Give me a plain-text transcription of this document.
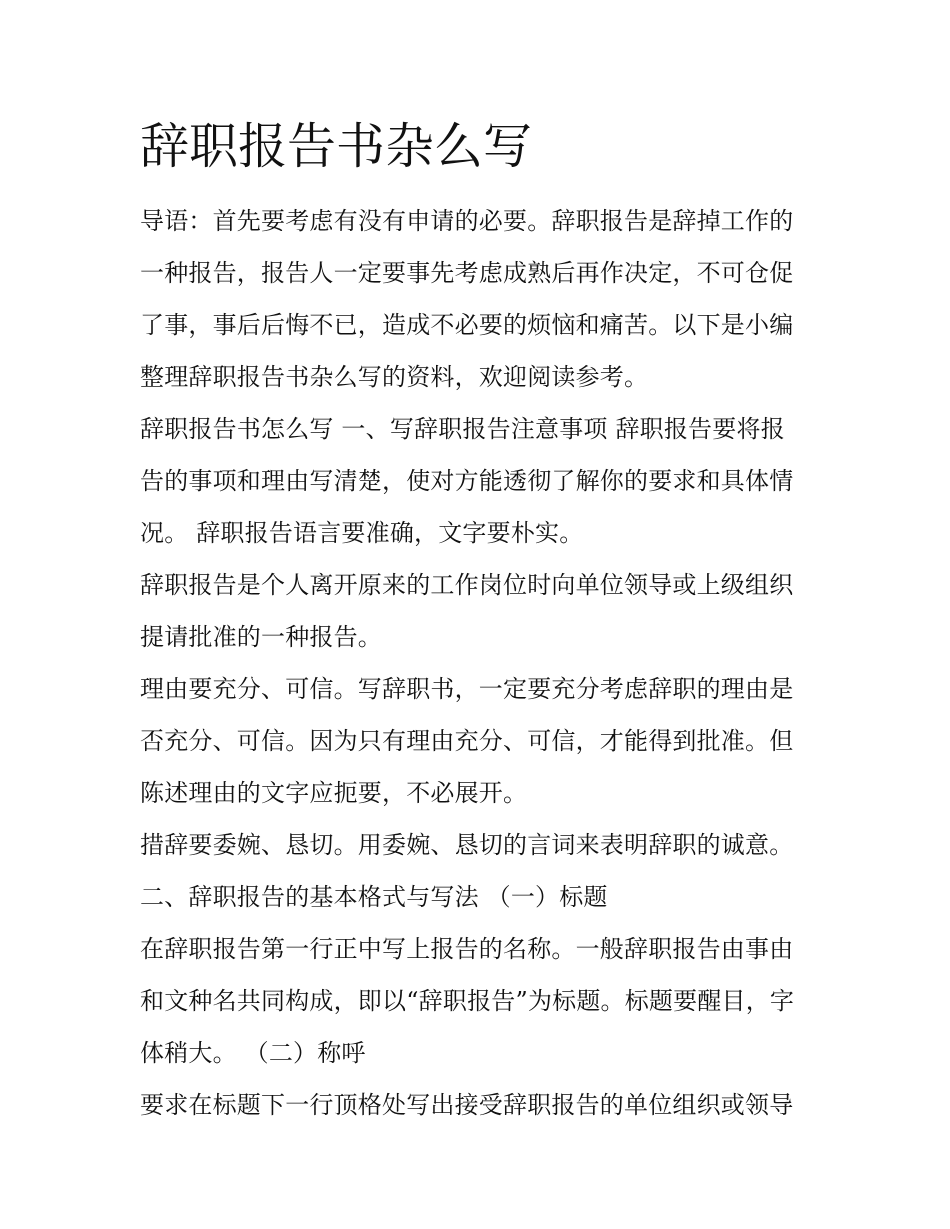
辞职报告书杂么写

导语：首先要考虑有没有申请的必要。辞职报告是辞掉工作的

一种报告，报告人一定要事先考虑成熟后再作决定，不可仓促

了事，事后后悔不已，造成不必要的烦恼和痛苦。以下是小编

整理辞职报告书杂么写的资料，欢迎阅读参考。

辞职报告书怎么写 一、写辞职报告注意事项 辞职报告要将报

告的事项和理由写清楚，使对方能透彻了解你的要求和具体情

况。 辞职报告语言要准确，文字要朴实。

辞职报告是个人离开原来的工作岗位时向单位领导或上级组织

提请批准的一种报告。

理由要充分、可信。写辞职书，一定要充分考虑辞职的理由是

否充分、可信。因为只有理由充分、可信，才能得到批准。但

陈述理由的文字应扼要，不必展开。

措辞要委婉、恳切。用委婉、恳切的言词来表明辞职的诚意。

二、辞职报告的基本格式与写法 （一）标题

在辞职报告第一行正中写上报告的名称。一般辞职报告由事由

和文种名共同构成，即以“辞职报告”为标题。标题要醒目，字

体稍大。 （二）称呼

要求在标题下一行顶格处写出接受辞职报告的单位组织或领导
